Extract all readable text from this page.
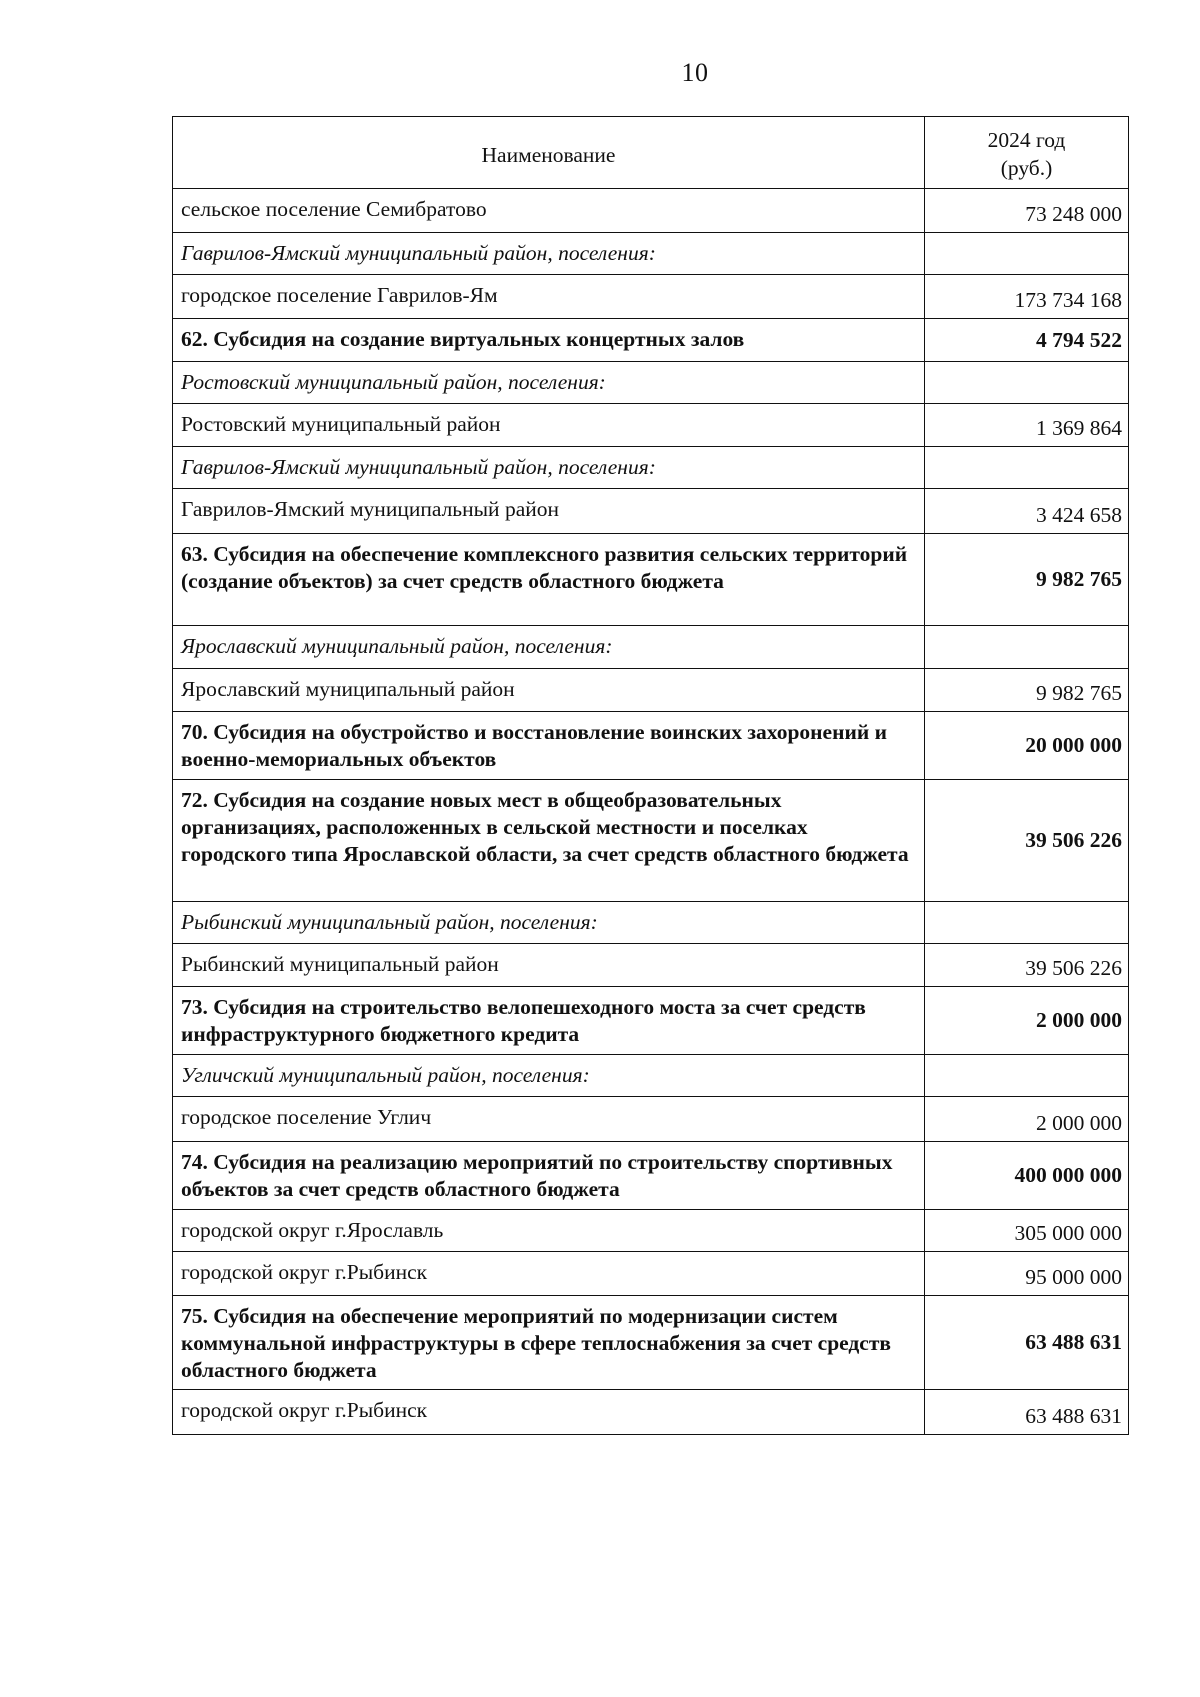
10
Наименование	2024 год
(руб.)

сельское поселение Семибратово	73 248 000
Гаврилов-Ямский муниципальный район, поселения:	
городское поселение Гаврилов-Ям	173 734 168
62. Субсидия на создание виртуальных концертных залов	4 794 522
Ростовский муниципальный район, поселения:	
Ростовский муниципальный район	1 369 864
Гаврилов-Ямский муниципальный район, поселения:	
Гаврилов-Ямский муниципальный район	3 424 658
63. Субсидия на обеспечение комплексного развития сельских территорий (создание объектов) за счет средств областного бюджета	9 982 765
Ярославский муниципальный район, поселения:	
Ярославский муниципальный район	9 982 765
70. Субсидия на обустройство и восстановление воинских захоронений и военно-мемориальных объектов	20 000 000
72. Субсидия на создание новых мест в общеобразовательных организациях, расположенных в сельской местности и поселках городского типа Ярославской области, за счет средств областного бюджета	39 506 226
Рыбинский муниципальный район, поселения:	
Рыбинский муниципальный район	39 506 226
73. Субсидия на строительство велопешеходного моста за счет средств инфраструктурного бюджетного кредита	2 000 000
Угличский муниципальный район, поселения:	
городское поселение Углич	2 000 000
74. Субсидия на реализацию мероприятий по строительству спортивных объектов за счет средств областного бюджета	400 000 000
городской округ г.Ярославль	305 000 000
городской округ г.Рыбинск	95 000 000
75. Субсидия на обеспечение мероприятий по модернизации систем коммунальной инфраструктуры в сфере теплоснабжения за счет средств областного бюджета	63 488 631
городской округ г.Рыбинск	63 488 631
